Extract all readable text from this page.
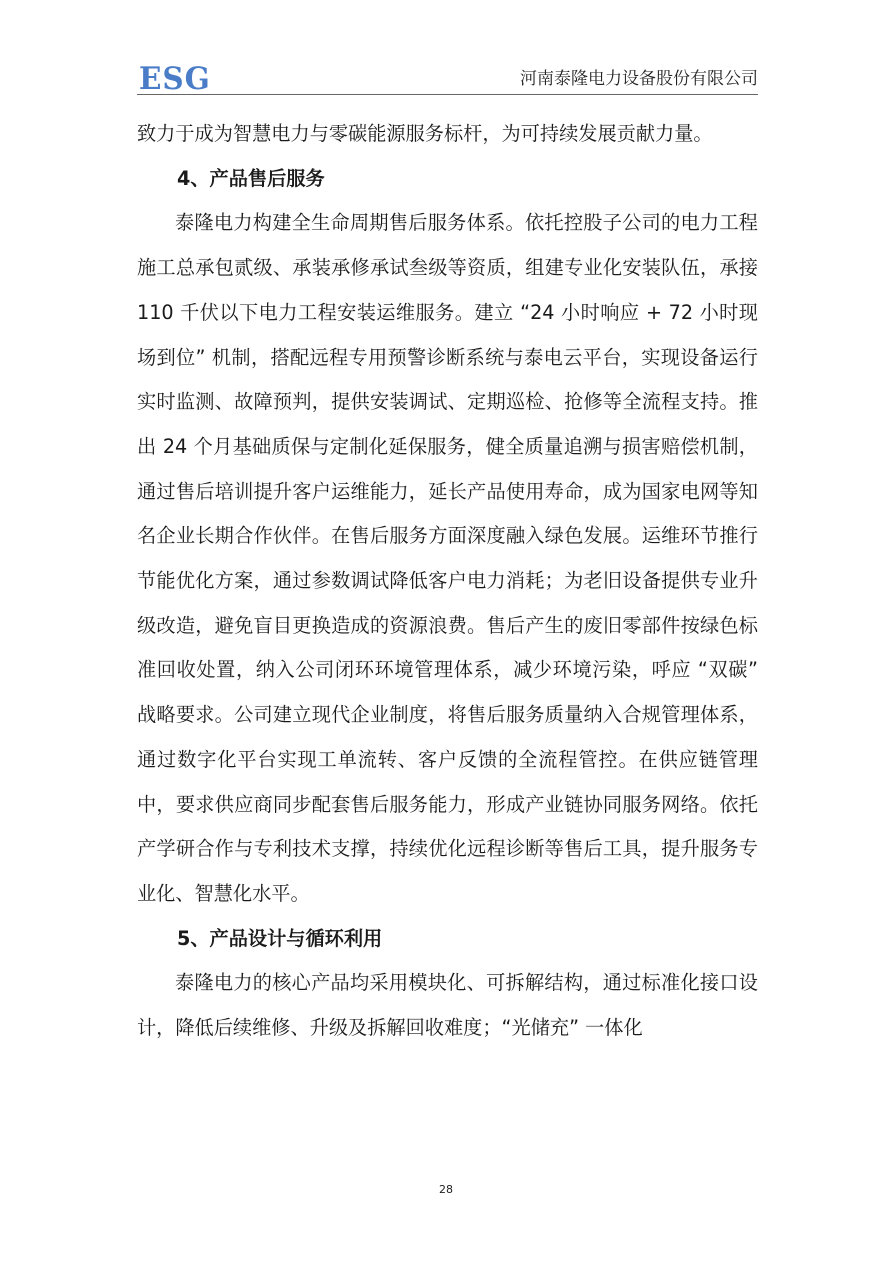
ESG	河南泰隆电力设备股份有限公司

致力于成为智慧电力与零碳能源服务标杆，为可持续发展贡献力量。

4、产品售后服务

泰隆电力构建全生命周期售后服务体系。依托控股子公司的电力工程施工总承包贰级、承装承修承试叁级等资质，组建专业化安装队伍，承接 110 千伏以下电力工程安装运维服务。建立 “24 小时响应 + 72 小时现场到位” 机制，搭配远程专用预警诊断系统与泰电云平台，实现设备运行实时监测、故障预判，提供安装调试、定期巡检、抢修等全流程支持。推出 24 个月基础质保与定制化延保服务，健全质量追溯与损害赔偿机制，通过售后培训提升客户运维能力，延长产品使用寿命，成为国家电网等知名企业长期合作伙伴。在售后服务方面深度融入绿色发展。运维环节推行节能优化方案，通过参数调试降低客户电力消耗；为老旧设备提供专业升级改造，避免盲目更换造成的资源浪费。售后产生的废旧零部件按绿色标准回收处置，纳入公司闭环环境管理体系，减少环境污染，呼应 “双碳” 战略要求。公司建立现代企业制度，将售后服务质量纳入合规管理体系，通过数字化平台实现工单流转、客户反馈的全流程管控。在供应链管理中，要求供应商同步配套售后服务能力，形成产业链协同服务网络。依托产学研合作与专利技术支撑，持续优化远程诊断等售后工具，提升服务专业化、智慧化水平。

5、产品设计与循环利用

泰隆电力的核心产品均采用模块化、可拆解结构，通过标准化接口设计，降低后续维修、升级及拆解回收难度；“光储充” 一体化

28
